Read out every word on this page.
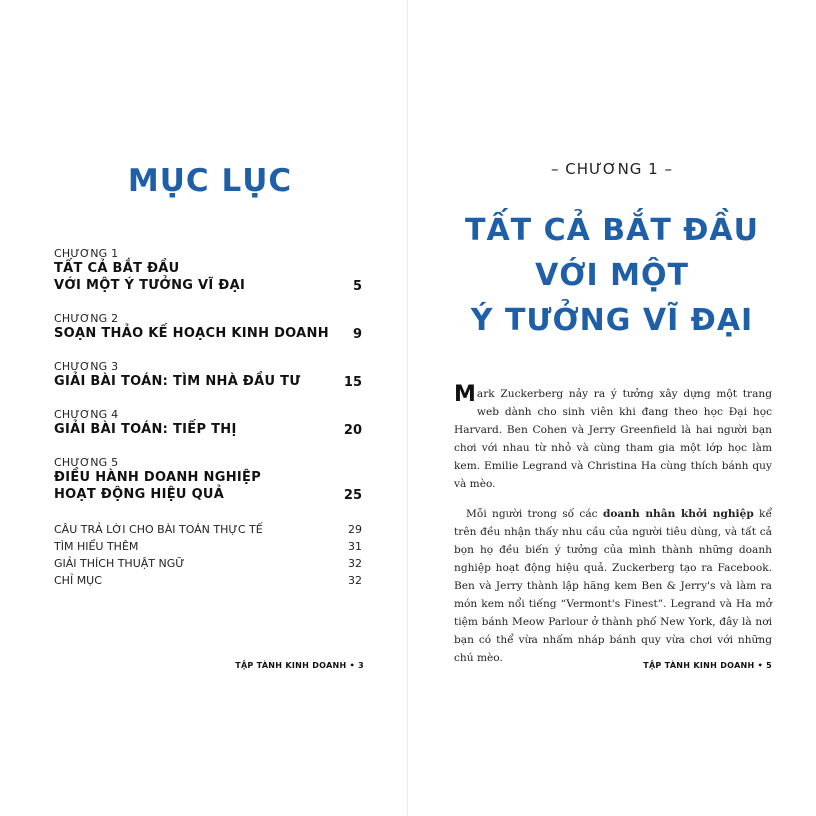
MỤC LỤC
CHƯƠNG 1
TẤT CẢ BẮT ĐẦU
VỚI MỘT Ý TƯỞNG VĨ ĐẠI	5
CHƯƠNG 2
SOẠN THẢO KẾ HOẠCH KINH DOANH	9
CHƯƠNG 3
GIẢI BÀI TOÁN: TÌM NHÀ ĐẦU TƯ	15
CHƯƠNG 4
GIẢI BÀI TOÁN: TIẾP THỊ	20
CHƯƠNG 5
ĐIỀU HÀNH DOANH NGHIỆP
HOẠT ĐỘNG HIỆU QUẢ	25
CÂU TRẢ LỜI CHO BÀI TOÁN THỰC TẾ	29
TÌM HIỂU THÊM	31
GIẢI THÍCH THUẬT NGỮ	32
CHỈ MỤC	32
TẬP TÀNH KINH DOANH • 3
– CHƯƠNG 1 –
TẤT CẢ BẮT ĐẦU
VỚI MỘT
Ý TƯỞNG VĨ ĐẠI

Mark Zuckerberg nảy ra ý tưởng xây dựng một trang web dành cho sinh viên khi đang theo học Đại học Harvard. Ben Cohen và Jerry Greenfield là hai người bạn chơi với nhau từ nhỏ và cùng tham gia một lớp học làm kem. Emilie Legrand và Christina Ha cùng thích bánh quy và mèo.

Mỗi người trong số các doanh nhân khởi nghiệp kể trên đều nhận thấy nhu cầu của người tiêu dùng, và tất cả bọn họ đều biến ý tưởng của mình thành những doanh nghiệp hoạt động hiệu quả. Zuckerberg tạo ra Facebook. Ben và Jerry thành lập hãng kem Ben & Jerry's và làm ra món kem nổi tiếng “Vermont's Finest”. Legrand và Ha mở tiệm bánh Meow Parlour ở thành phố New York, đây là nơi bạn có thể vừa nhấm nháp bánh quy vừa chơi với những chú mèo.

TẬP TÀNH KINH DOANH • 5
